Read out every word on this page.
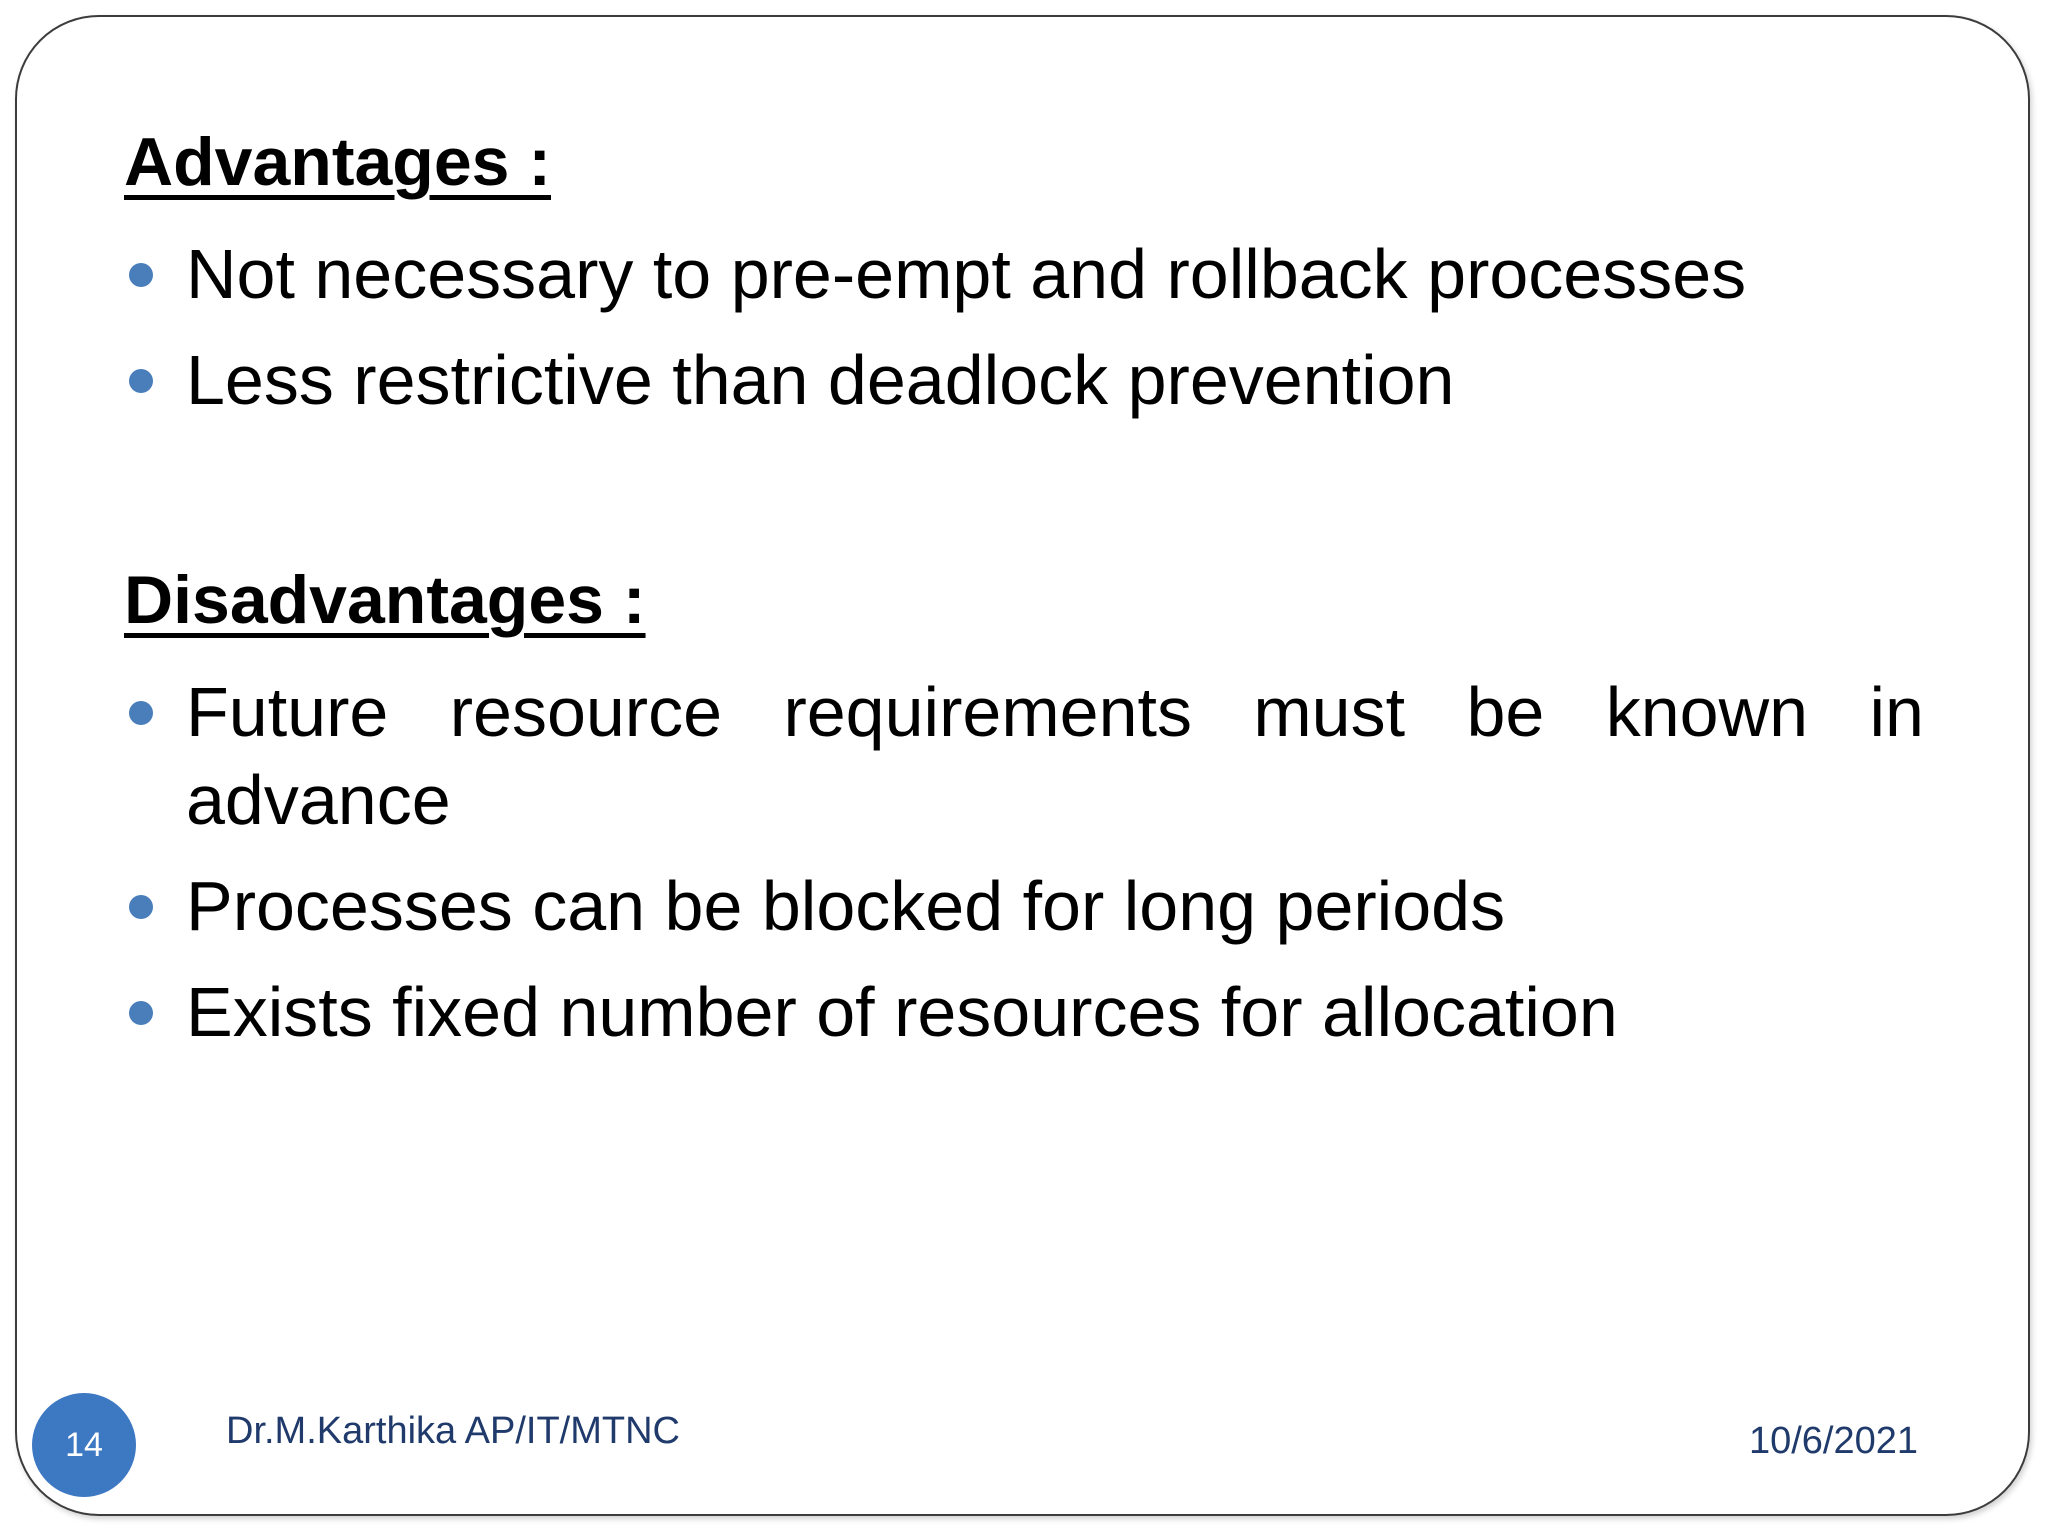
Advantages :
Not necessary to pre-empt and rollback processes
Less restrictive than deadlock prevention
Disadvantages :
Future resource requirements must be known in
advance
Processes can be blocked for long periods
Exists fixed number of resources for allocation
14	Dr.M.Karthika AP/IT/MTNC	10/6/2021
